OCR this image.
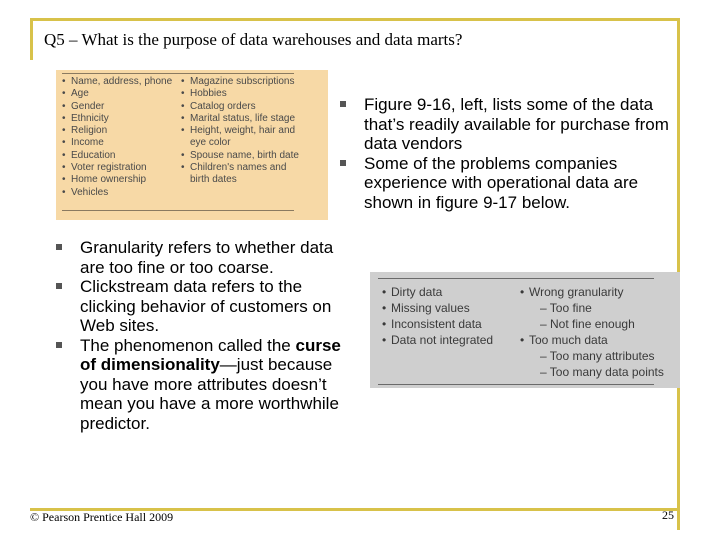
Q5 – What is the purpose of data warehouses and data marts?
• Name, address, phone
• Age
• Gender
• Ethnicity
• Religion
• Income
• Education
• Voter registration
• Home ownership
• Vehicles
• Magazine subscriptions
• Hobbies
• Catalog orders
• Marital status, life stage
• Height, weight, hair and
eye color
• Spouse name, birth date
• Children's names and
birth dates
Figure 9-16, left, lists some of the data that’s readily available for purchase from data vendors
Some of the problems companies experience with operational data are shown in figure 9-17 below.
Granularity refers to whether data are too fine or too coarse.
Clickstream data refers to the clicking behavior of customers on Web sites.
The phenomenon called the curse of dimensionality—just because you have more attributes doesn’t mean you have a more worthwhile predictor.
• Dirty data
• Missing values
• Inconsistent data
• Data not integrated
• Wrong granularity
– Too fine
– Not fine enough
• Too much data
– Too many attributes
– Too many data points
© Pearson Prentice Hall 2009	25
